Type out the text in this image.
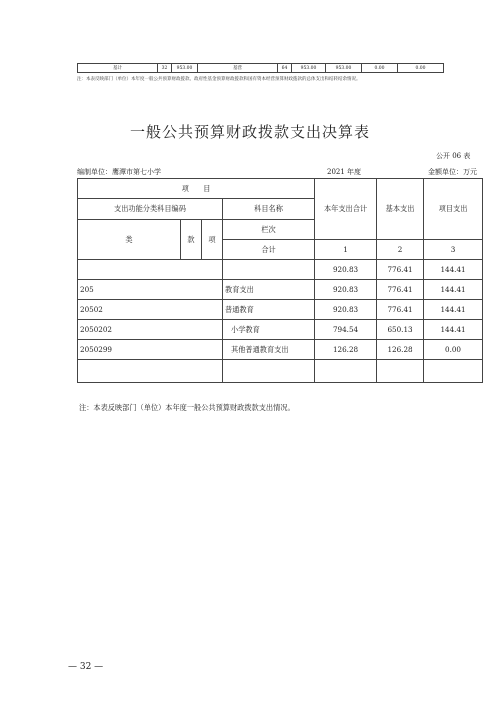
基计	32	953.00	基营	64	953.00	953.00	0.00	0.00
注：本表反映部门（单位）本年度一般公共预算财政拨款、政府性基金预算财政拨款和国有资本经营预算财政拨款的总体支出和结转结余情况。
一般公共预算财政拨款支出决算表
公开 06 表
编制单位：鹰潭市第七小学	2021 年度	金额单位：万元
项　　目				本年支出合计	基本支出	项目支出
支出功能分类科目编码			科目名称			
类	款	项	栏次			
			合计	1	2	3
				920.83	776.41	144.41
205			教育支出	920.83	776.41	144.41
20502			普通教育	920.83	776.41	144.41
2050202			小学教育	794.54	650.13	144.41
2050299			其他普通教育支出	126.28	126.28	0.00

注：本表反映部门（单位）本年度一般公共预算财政拨款支出情况。
— 32 —
